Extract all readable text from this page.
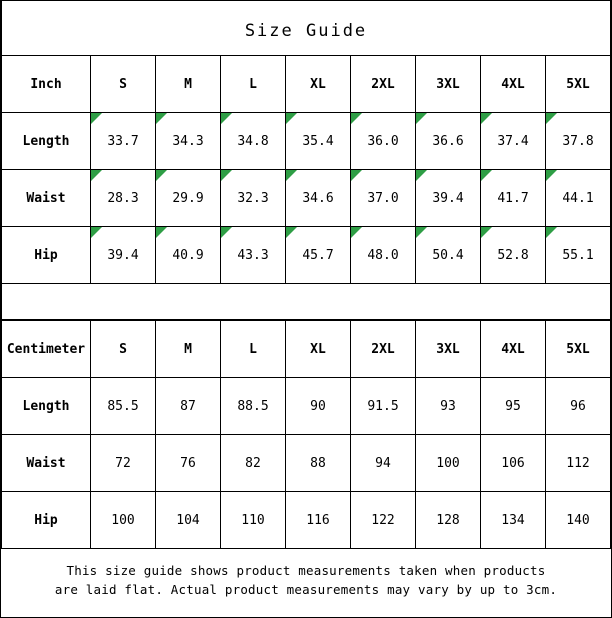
Size Guide
Inch	S	M	L	XL	2XL	3XL	4XL	5XL
Length	33.7	34.3	34.8	35.4	36.0	36.6	37.4	37.8
Waist	28.3	29.9	32.3	34.6	37.0	39.4	41.7	44.1
Hip	39.4	40.9	43.3	45.7	48.0	50.4	52.8	55.1
Centimeter	S	M	L	XL	2XL	3XL	4XL	5XL
Length	85.5	87	88.5	90	91.5	93	95	96
Waist	72	76	82	88	94	100	106	112
Hip	100	104	110	116	122	128	134	140
This size guide shows product measurements taken when products
are laid flat. Actual product measurements may vary by up to 3cm.
